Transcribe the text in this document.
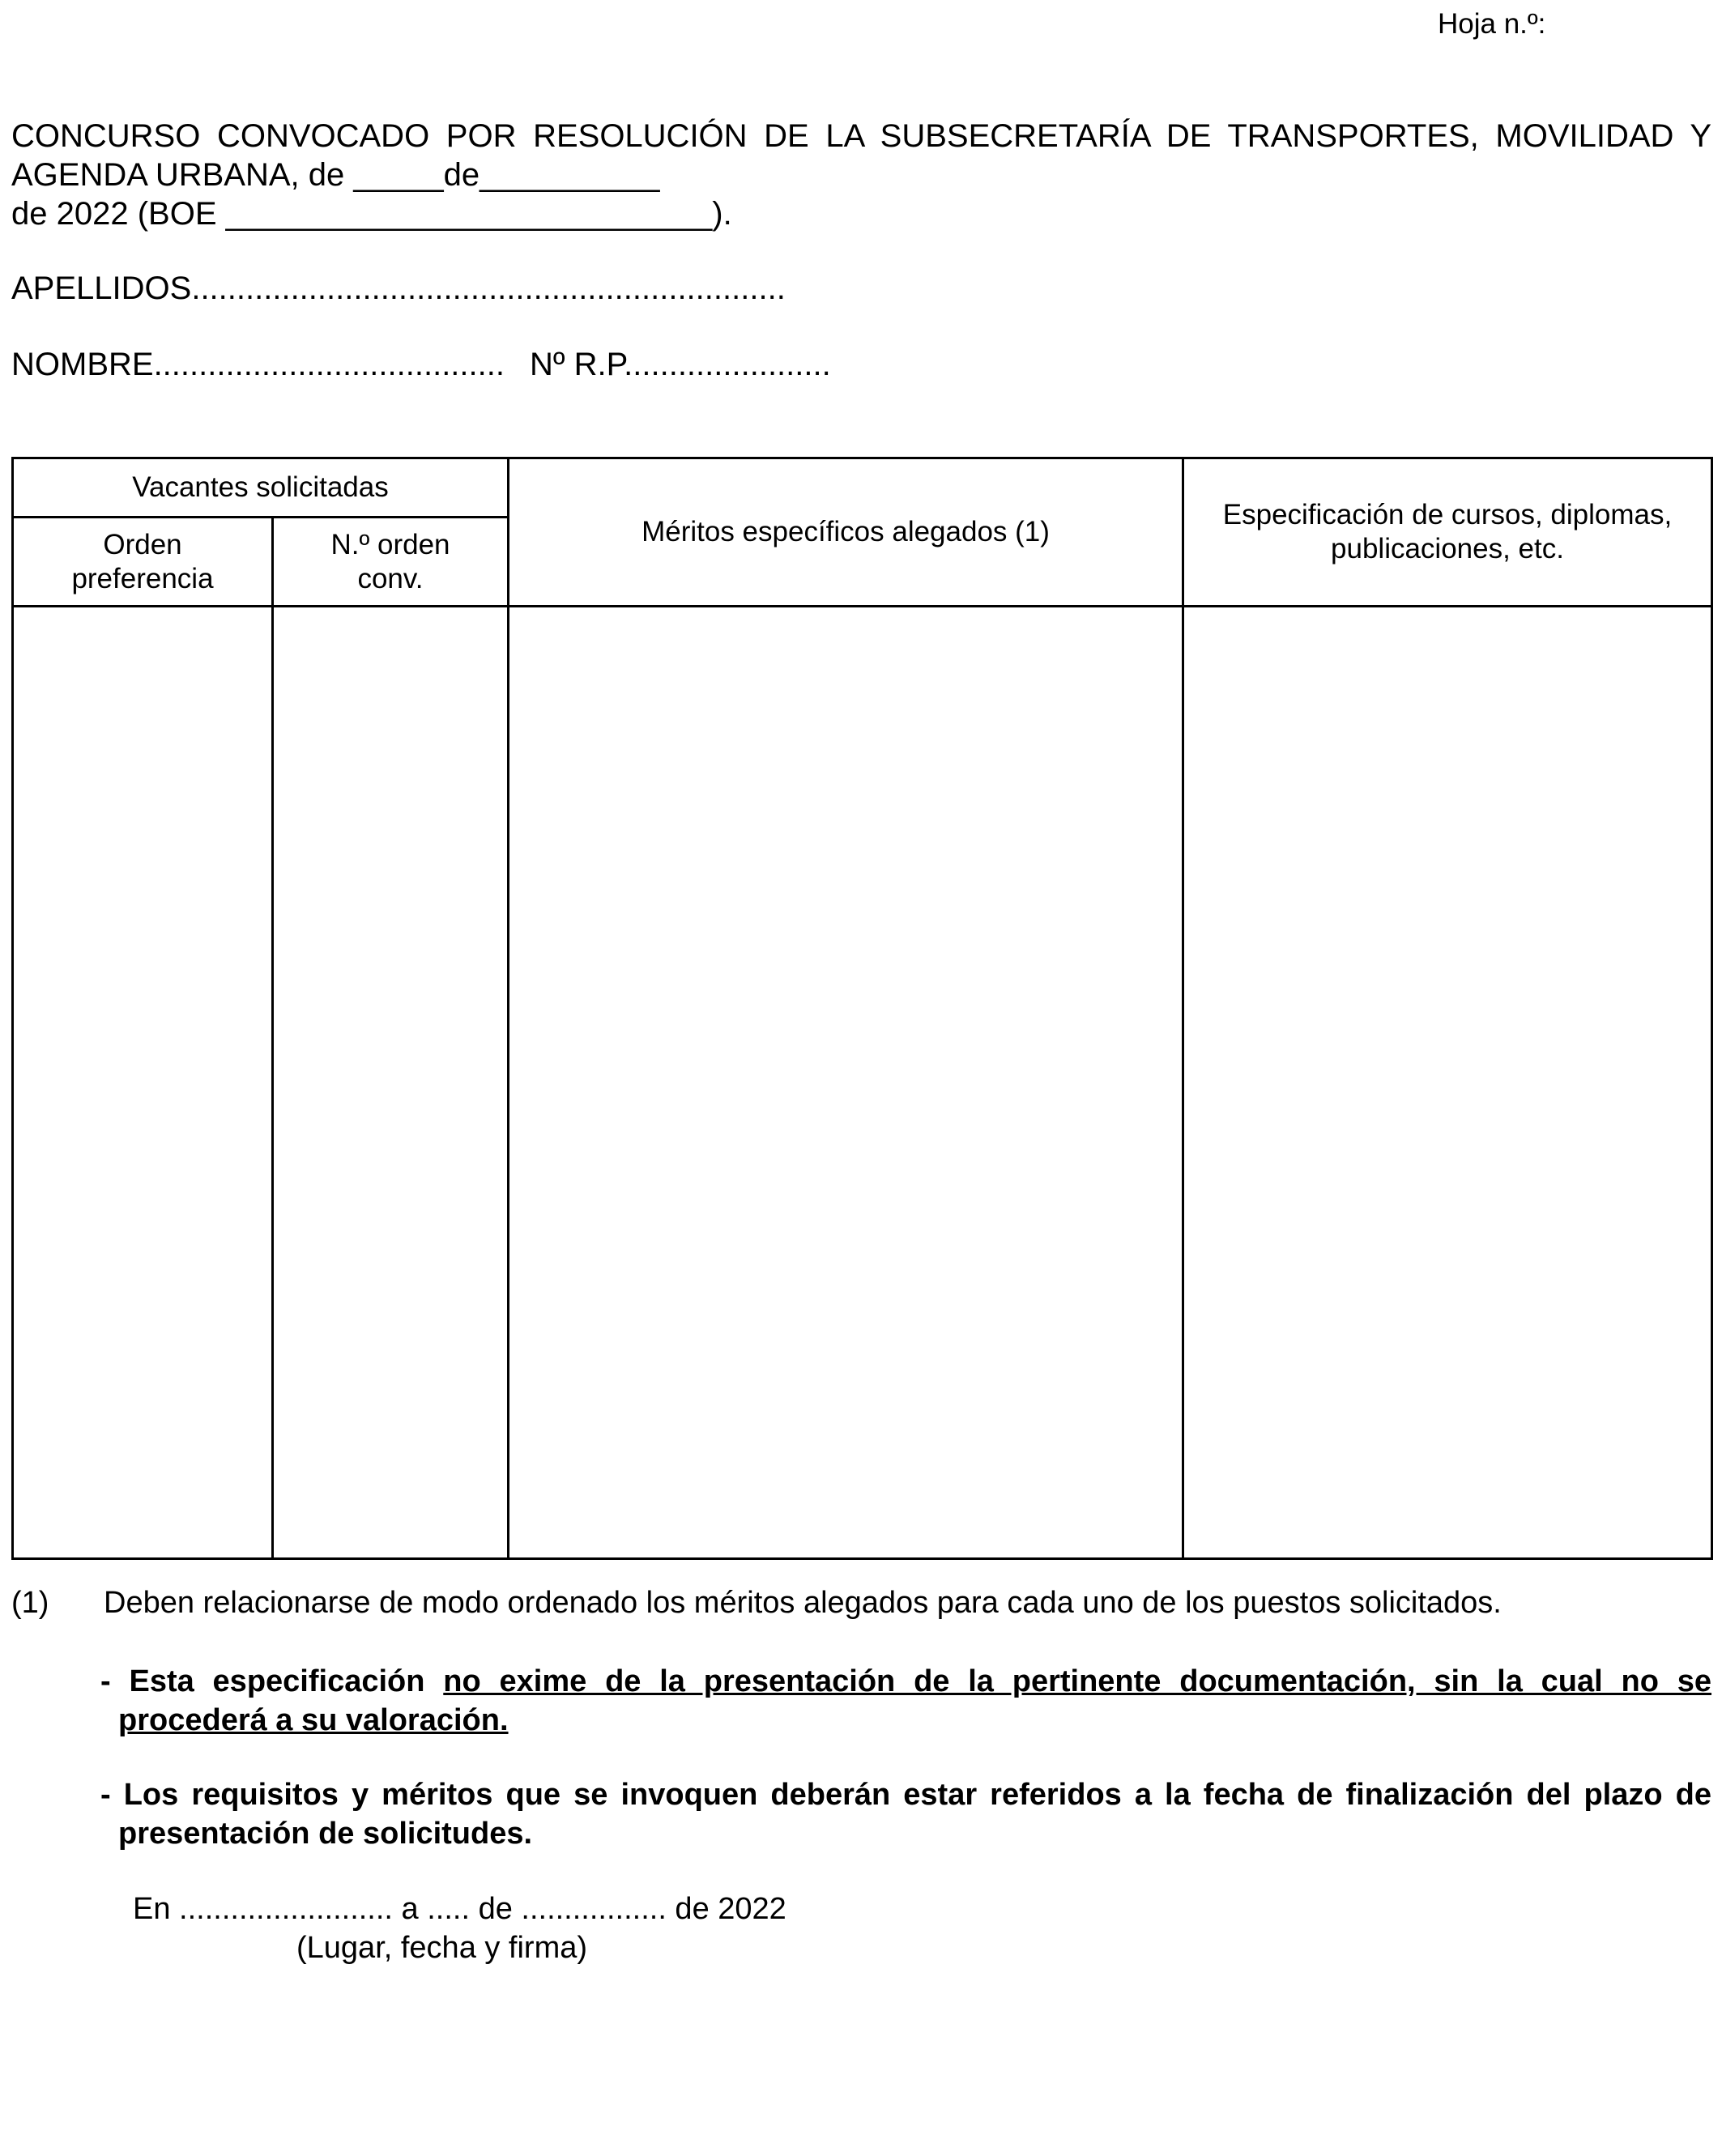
Hoja n.º:
CONCURSO CONVOCADO POR RESOLUCIÓN DE LA SUBSECRETARÍA DE TRANSPORTES, MOVILIDAD Y
AGENDA URBANA, de _____de__________
de 2022 (BOE ___________________________).
APELLIDOS..................................................................
NOMBRE....................................... Nº R.P.......................
Vacantes solicitadas
Orden
preferencia
N.º orden
conv.
Méritos específicos alegados (1)
Especificación de cursos, diplomas,
publicaciones, etc.
(1) Deben relacionarse de modo ordenado los méritos alegados para cada uno de los puestos solicitados.
- Esta especificación no exime de la presentación de la pertinente documentación, sin la cual no se
procederá a su valoración.
- Los requisitos y méritos que se invoquen deberán estar referidos a la fecha de finalización del plazo de
presentación de solicitudes.
En ......................... a ..... de ................. de 2022
(Lugar, fecha y firma)
